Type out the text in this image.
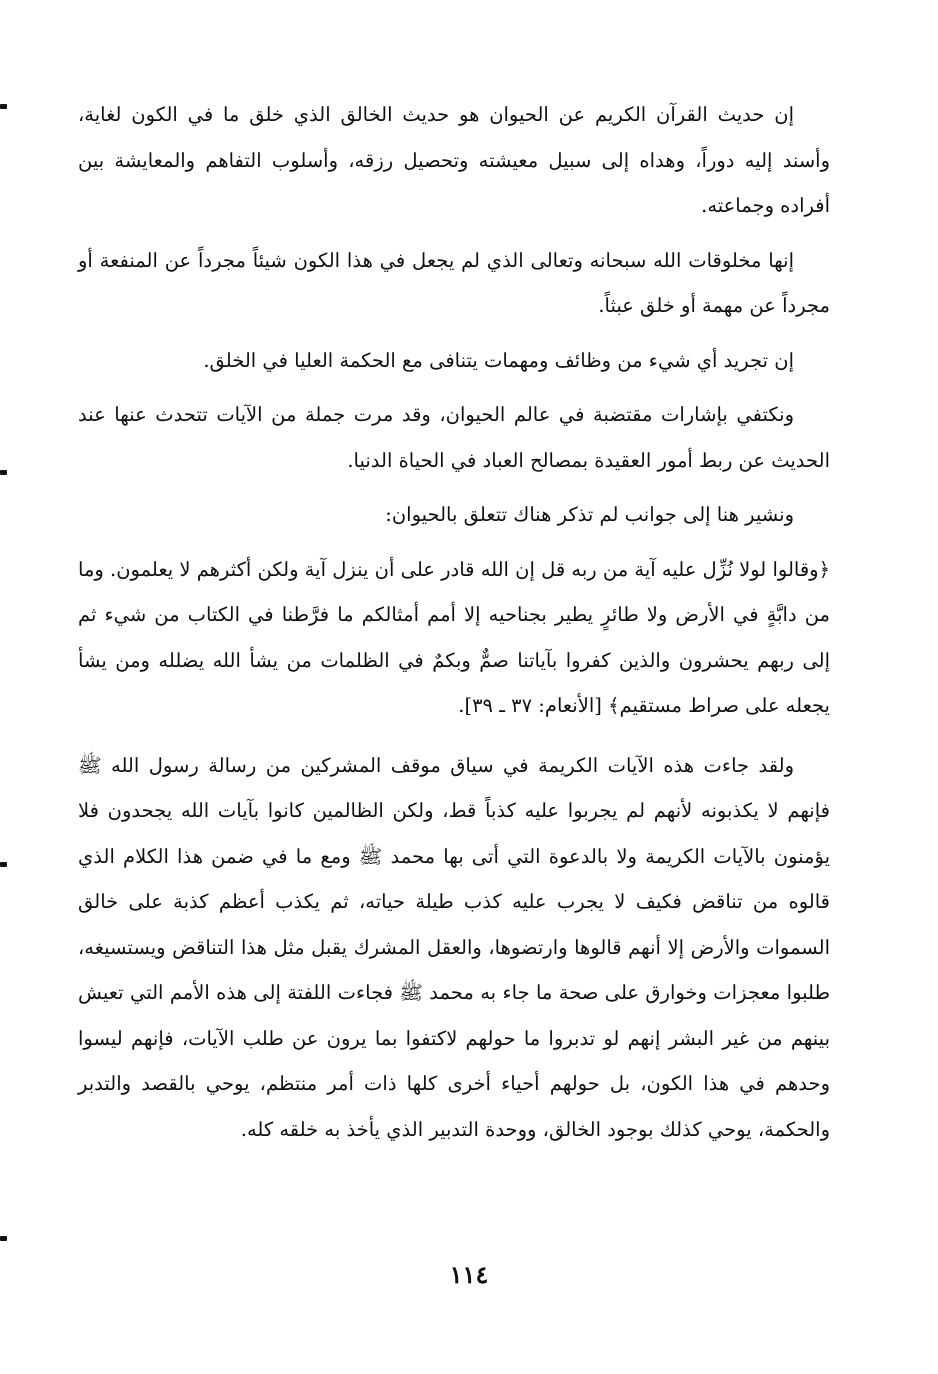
إن حديث القرآن الكريم عن الحيوان هو حديث الخالق الذي خلق ما في الكون لغاية، وأسند إليه دوراً، وهداه إلى سبيل معيشته وتحصيل رزقه، وأسلوب التفاهم والمعايشة بين أفراده وجماعته.

إنها مخلوقات الله سبحانه وتعالى الذي لم يجعل في هذا الكون شيئاً مجرداً عن المنفعة أو مجرداً عن مهمة أو خلق عبثاً.

إن تجريد أي شيء من وظائف ومهمات يتنافى مع الحكمة العليا في الخلق.

ونكتفي بإشارات مقتضبة في عالم الحيوان، وقد مرت جملة من الآيات تتحدث عنها عند الحديث عن ربط أمور العقيدة بمصالح العباد في الحياة الدنيا.

ونشير هنا إلى جوانب لم تذكر هناك تتعلق بالحيوان:

﴿وقالوا لولا نُزِّل عليه آية من ربه قل إن الله قادر على أن ينزل آية ولكن أكثرهم لا يعلمون. وما من دابَّةٍ في الأرض ولا طائرٍ يطير بجناحيه إلا أمم أمثالكم ما فرَّطنا في الكتاب من شيء ثم إلى ربهم يحشرون والذين كفروا بآياتنا صمٌّ وبكمٌ في الظلمات من يشأ الله يضلله ومن يشأ يجعله على صراط مستقيم﴾ [الأنعام: ٣٧ ـ ٣٩].

ولقد جاءت هذه الآيات الكريمة في سياق موقف المشركين من رسالة رسول الله ﷺ فإنهم لا يكذبونه لأنهم لم يجربوا عليه كذباً قط، ولكن الظالمين كانوا بآيات الله يجحدون فلا يؤمنون بالآيات الكريمة ولا بالدعوة التي أتى بها محمد ﷺ ومع ما في ضمن هذا الكلام الذي قالوه من تناقض فكيف لا يجرب عليه كذب طيلة حياته، ثم يكذب أعظم كذبة على خالق السموات والأرض إلا أنهم قالوها وارتضوها، والعقل المشرك يقبل مثل هذا التناقض ويستسيغه، طلبوا معجزات وخوارق على صحة ما جاء به محمد ﷺ فجاءت اللفتة إلى هذه الأمم التي تعيش بينهم من غير البشر إنهم لو تدبروا ما حولهم لاكتفوا بما يرون عن طلب الآيات، فإنهم ليسوا وحدهم في هذا الكون، بل حولهم أحياء أخرى كلها ذات أمر منتظم، يوحي بالقصد والتدبر والحكمة، يوحي كذلك بوجود الخالق، ووحدة التدبير الذي يأخذ به خلقه كله.

١١٤
